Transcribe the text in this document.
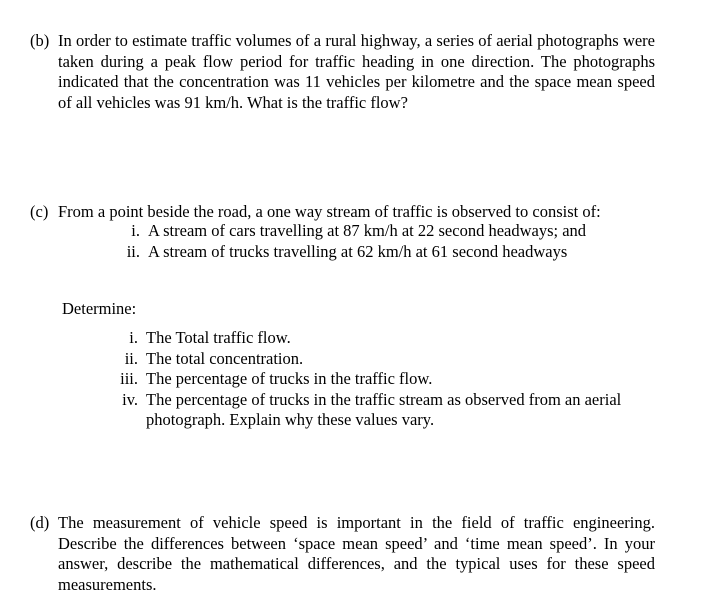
(b) In order to estimate traffic volumes of a rural highway, a series of aerial photographs were taken during a peak flow period for traffic heading in one direction. The photographs indicated that the concentration was 11 vehicles per kilometre and the space mean speed of all vehicles was 91 km/h. What is the traffic flow?

(c) From a point beside the road, a one way stream of traffic is observed to consist of:

i. A stream of cars travelling at 87 km/h at 22 second headways; and
ii. A stream of trucks travelling at 62 km/h at 61 second headways
Determine:
i. The Total traffic flow.
ii. The total concentration.
iii. The percentage of trucks in the traffic flow.
iv. The percentage of trucks in the traffic stream as observed from an aerial photograph. Explain why these values vary.
(d) The measurement of vehicle speed is important in the field of traffic engineering. Describe the differences between ‘space mean speed’ and ‘time mean speed’. In your answer, describe the mathematical differences, and the typical uses for these speed measurements.
